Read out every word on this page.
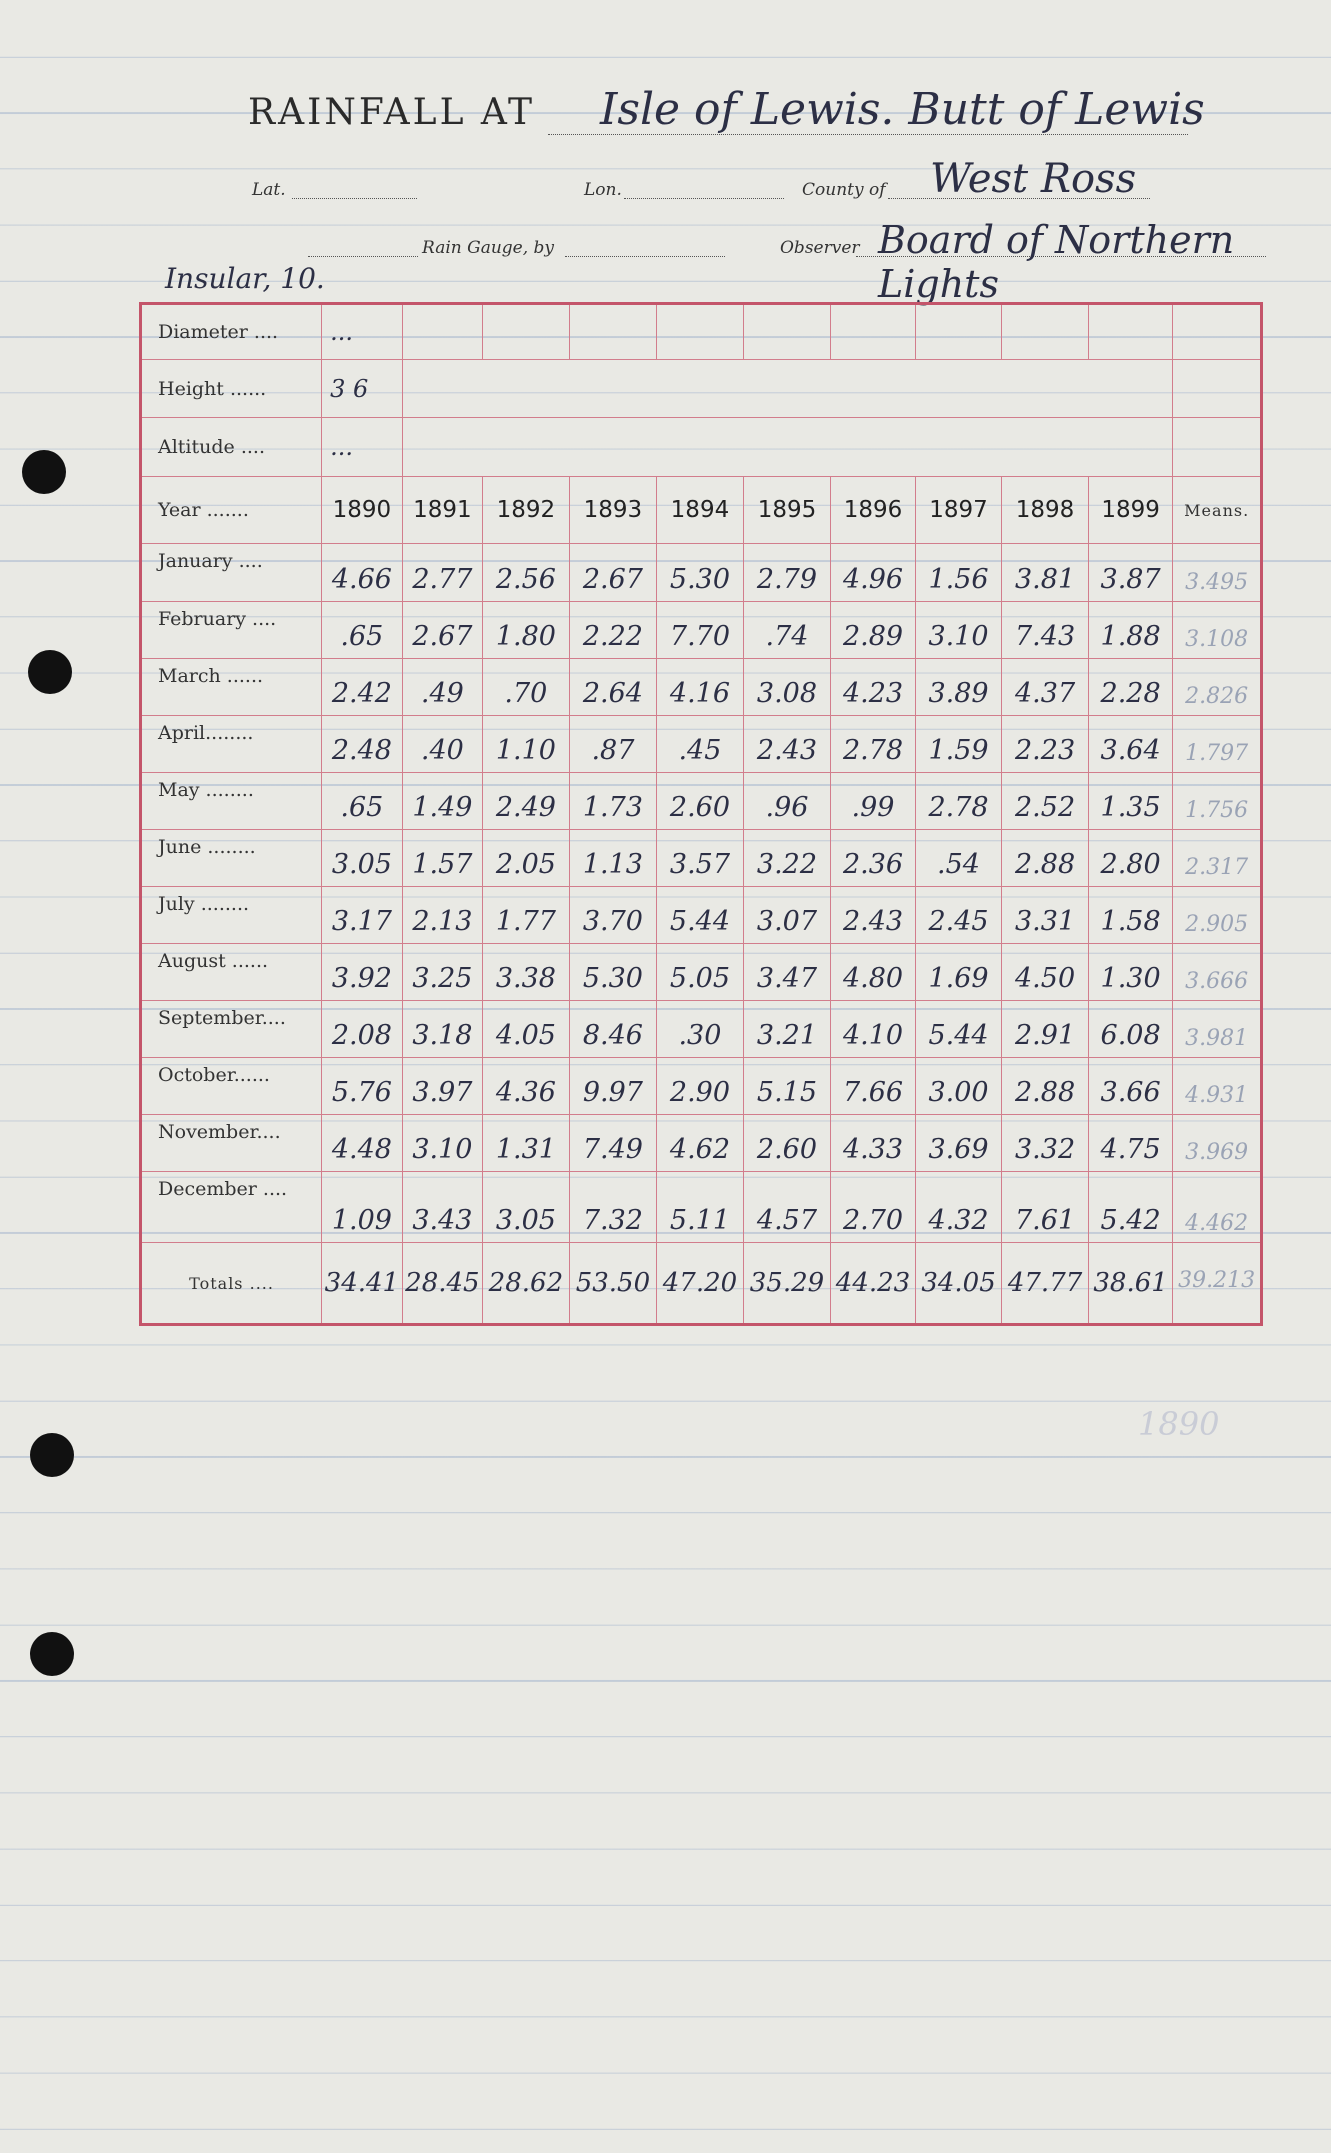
RAINFALL AT Isle of Lewis. Butt of Lewis
Lat.	Lon.	County of West Ross
Rain Gauge, by	Observer Board of Northern Lights
Insular, 10.
Diameter ....	...										
Height ......	3 6										
Altitude ....	...										
Year .......	1890	1891	1892	1893	1894	1895	1896	1897	1898	1899	Means.
January ....	4.66	2.77	2.56	2.67	5.30	2.79	4.96	1.56	3.81	3.87	3.495
February ....	.65	2.67	1.80	2.22	7.70	.74	2.89	3.10	7.43	1.88	3.108
March ......	2.42	.49	.70	2.64	4.16	3.08	4.23	3.89	4.37	2.28	2.826
April........	2.48	.40	1.10	.87	.45	2.43	2.78	1.59	2.23	3.64	1.797
May ........	.65	1.49	2.49	1.73	2.60	.96	.99	2.78	2.52	1.35	1.756
June ........	3.05	1.57	2.05	1.13	3.57	3.22	2.36	.54	2.88	2.80	2.317
July ........	3.17	2.13	1.77	3.70	5.44	3.07	2.43	2.45	3.31	1.58	2.905
August ......	3.92	3.25	3.38	5.30	5.05	3.47	4.80	1.69	4.50	1.30	3.666
September....	2.08	3.18	4.05	8.46	.30	3.21	4.10	5.44	2.91	6.08	3.981
October......	5.76	3.97	4.36	9.97	2.90	5.15	7.66	3.00	2.88	3.66	4.931
November....	4.48	3.10	1.31	7.49	4.62	2.60	4.33	3.69	3.32	4.75	3.969
December ....	1.09	3.43	3.05	7.32	5.11	4.57	2.70	4.32	7.61	5.42	4.462
Totals ....	34.41	28.45	28.62	53.50	47.20	35.29	44.23	34.05	47.77	38.61	39.213
1890
